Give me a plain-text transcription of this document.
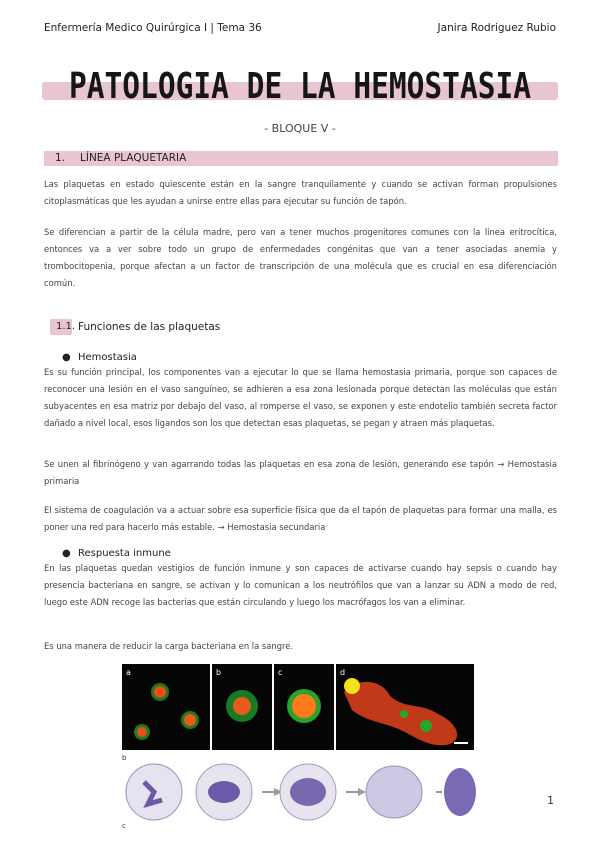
Enfermería Medico Quirúrgica I | Tema 36	Janira Rodriguez Rubio
PATOLOGIA DE LA HEMOSTASIA
- BLOQUE V -
1. LÍNEA PLAQUETARIA

Las plaquetas en estado quiescente están en la sangre tranquilamente y cuando se activan forman propulsiones citoplasmáticas que les ayudan a unirse entre ellas para ejecutar su función de tapón.

Se diferencian a partir de la célula madre, pero van a tener muchos progenitores comunes con la línea eritrocítica, entonces va a ver sobre todo un grupo de enfermedades congénitas que van a tener asociadas anemia y trombocitopenia, porque afectan a un factor de transcripción de una molécula que es crucial en esa diferenciación común.

1.1. Funciones de las plaquetas
● Hemostasia

Es su función principal, los componentes van a ejecutar lo que se llama hemostasia primaria, porque son capaces de reconocer una lesión en el vaso sanguíneo, se adhieren a esa zona lesionada porque detectan las moléculas que están subyacentes en esa matriz por debajo del vaso, al romperse el vaso, se exponen y este endotelio también secreta factor dañado a nivel local, esos ligandos son los que detectan esas plaquetas, se pegan y atraen más plaquetas.

Se unen al fibrinógeno y van agarrando todas las plaquetas en esa zona de lesión, generando ese tapón → Hemostasia primaria

El sistema de coagulación va a actuar sobre esa superficie física que da el tapón de plaquetas para formar una malla, es poner una red para hacerlo más estable. → Hemostasia secundaria

● Respuesta inmune

En las plaquetas quedan vestigios de función inmune y son capaces de activarse cuando hay sepsis o cuando hay presencia bacteriana en sangre, se activan y lo comunican a los neutrófilos que van a lanzar su ADN a modo de red, luego este ADN recoge las bacterias que están circulando y luego los macrófagos los van a eliminar.

Es una manera de reducir la carga bacteriana en la sangre.

a	b	c	d
b
c
1
